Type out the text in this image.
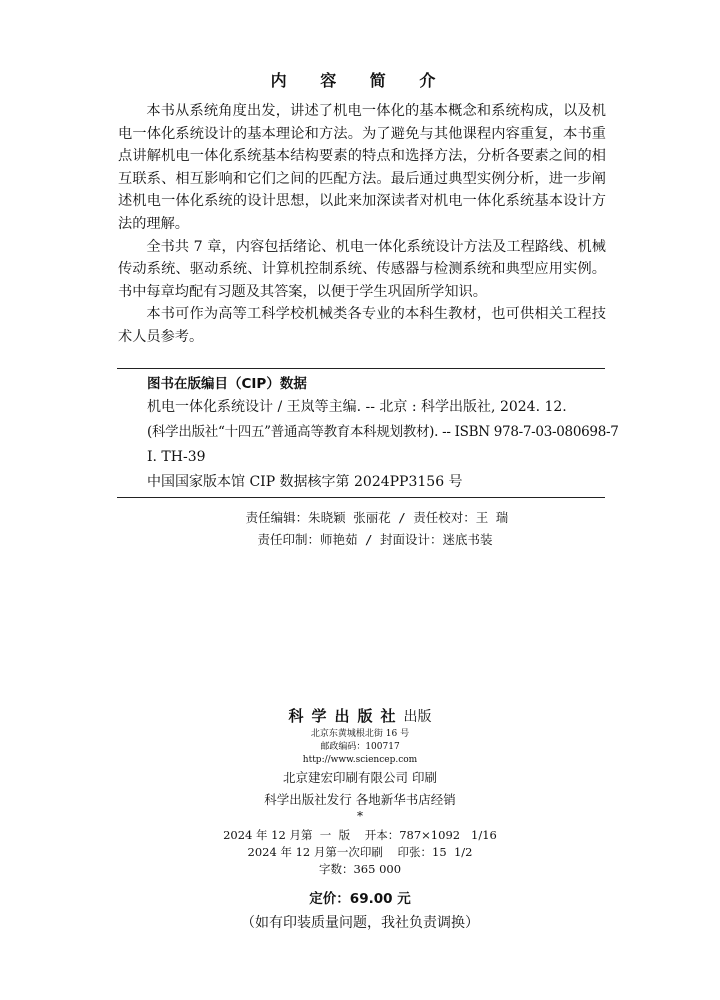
内 容 简 介

本书从系统角度出发，讲述了机电一体化的基本概念和系统构成，以及机电一体化系统设计的基本理论和方法。为了避免与其他课程内容重复，本书重点讲解机电一体化系统基本结构要素的特点和选择方法，分析各要素之间的相互联系、相互影响和它们之间的匹配方法。最后通过典型实例分析，进一步阐述机电一体化系统的设计思想，以此来加深读者对机电一体化系统基本设计方法的理解。

全书共 7 章，内容包括绪论、机电一体化系统设计方法及工程路线、机械传动系统、驱动系统、计算机控制系统、传感器与检测系统和典型应用实例。书中每章均配有习题及其答案，以便于学生巩固所学知识。

本书可作为高等工科学校机械类各专业的本科生教材，也可供相关工程技术人员参考。

图书在版编目（CIP）数据
机电一体化系统设计 / 王岚等主编. -- 北京 : 科学出版社, 2024. 12.
(科学出版社“十四五”普通高等教育本科规划教材). -- ISBN 978-7-03-080698-7
Ⅰ. TH-39
中国国家版本馆 CIP 数据核字第 2024PP3156 号
责任编辑：朱晓颖 张丽花 / 责任校对：王 瑞
责任印制：师艳茹 / 封面设计：迷底书装
科学出版社出版
北京东黄城根北街 16 号
邮政编码：100717
http://www.sciencep.com
北京建宏印刷有限公司 印刷
科学出版社发行 各地新华书店经销
*
2024 年 12 月第  一  版    开本：787×1092   1/16
2024 年 12 月第一次印刷    印张：15  1/2
字数：365 000
定价：69.00 元
（如有印装质量问题，我社负责调换）
